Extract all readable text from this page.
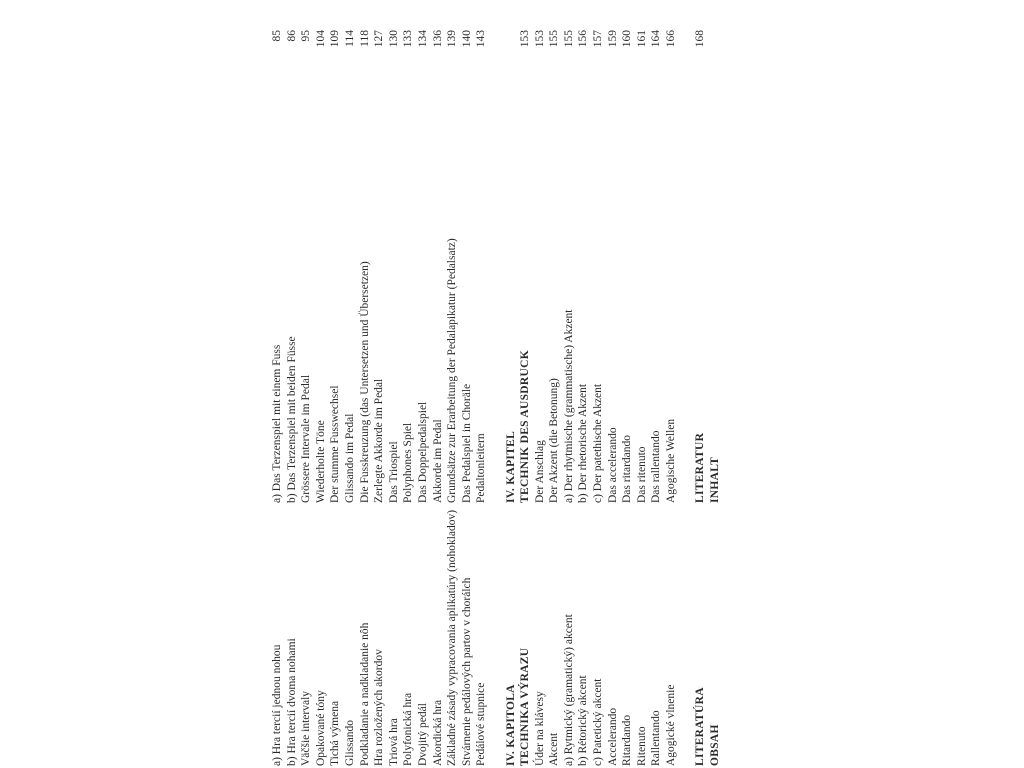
a) Hra tercií jednou nohou b) Hra tercií dvoma nohami Väčšie intervaly Opakované tóny Tichá výmena Glissando Podkladanie a nadkladanie nôh Hra rozložených akordov Triová hra Polyfonická hra Dvojitý pedál Akordická hra Základné zásady vypracovania aplikatúry (nohokladov) Stvárnenie pedálových partov v chorálch Pedálové stupnice IV. KAPITOLA TECHNIKA VÝRAZU Úder na klávesy Akcent a) Rytmický (gramatický) akcent b) Rétorický akcent c) Patetický akcent Accelerando Ritardando Ritenuto Rallentando Agogické vlnenie LITERATÚRA OBSAH
a) Das Terzenspiel mit einem Fuss b) Das Terzenspiel mit beiden Füsse Grössere Intervale im Pedal Wiederholte Töne Der stumme Fusswechsel Glissando im Pedal Die Fusskreuzung (das Untersetzen und Übersetzen) Zerlegte Akkorde im Pedal Das Triospiel Polyphones Spiel Das Doppelpedalspiel Akkorde im Pedal Grundsätze zur Erarbeitung der Pedalapikatur (Pedalsatz) Das Pedalspiel in Choräle Pedaltonleitern IV. KAPITEL TECHNIK DES AUSDRUCK Der Anschlag Der Akzent (die Betonung) a) Der rhytmische (grammatische) Akzent b) Der rhetorische Akzent c) Der patethische Akzent Das accelerando Das ritardando Das ritenuto Das rallentando Agogische Wellen LITERATUR INHALT
85 86 95 104 109 114 118 127 130 133 134 136 139 140 143	153 153 155 155 156 157 159 160 161 164 166 168
